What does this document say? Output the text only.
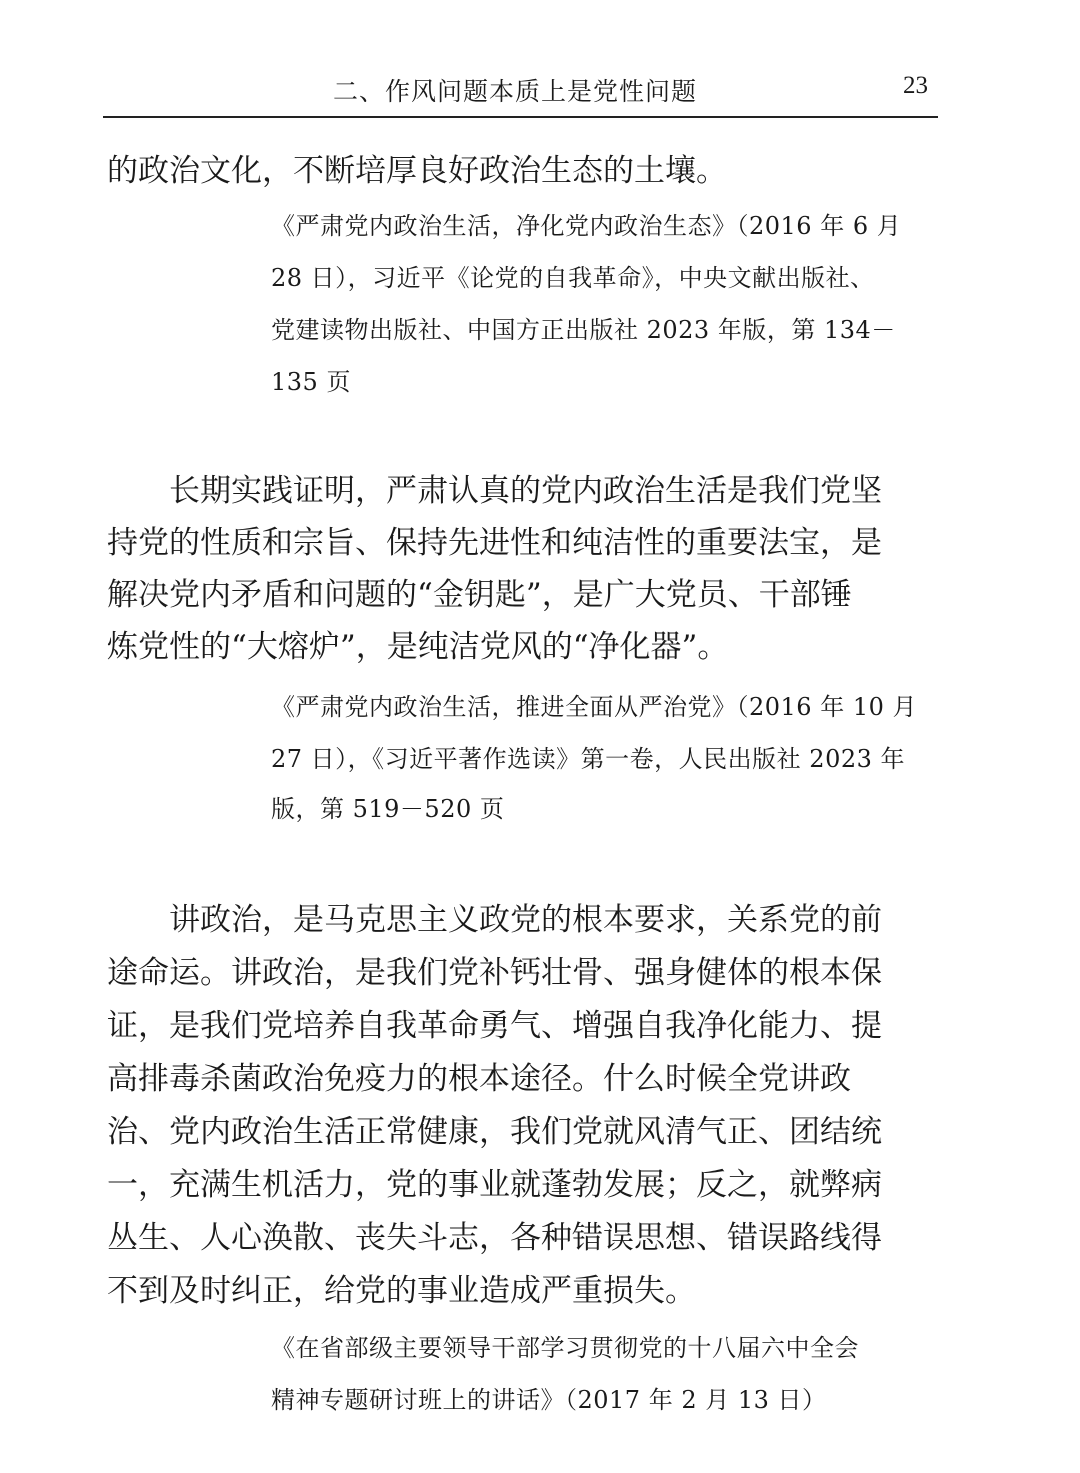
二、作风问题本质上是党性问题	23
的政治文化，不断培厚良好政治生态的土壤。
《严肃党内政治生活，净化党内政治生态》（2016 年 6 月
28 日），习近平《论党的自我革命》，中央文献出版社、
党建读物出版社、中国方正出版社 2023 年版，第 134－
135 页
　　长期实践证明，严肃认真的党内政治生活是我们党坚
持党的性质和宗旨、保持先进性和纯洁性的重要法宝，是
解决党内矛盾和问题的“金钥匙”，是广大党员、干部锤
炼党性的“大熔炉”，是纯洁党风的“净化器”。
《严肃党内政治生活，推进全面从严治党》（2016 年 10 月
27 日），《习近平著作选读》第一卷，人民出版社 2023 年
版，第 519－520 页
　　讲政治，是马克思主义政党的根本要求，关系党的前
途命运。讲政治，是我们党补钙壮骨、强身健体的根本保
证，是我们党培养自我革命勇气、增强自我净化能力、提
高排毒杀菌政治免疫力的根本途径。什么时候全党讲政
治、党内政治生活正常健康，我们党就风清气正、团结统
一，充满生机活力，党的事业就蓬勃发展；反之，就弊病
丛生、人心涣散、丧失斗志，各种错误思想、错误路线得
不到及时纠正，给党的事业造成严重损失。
《在省部级主要领导干部学习贯彻党的十八届六中全会
精神专题研讨班上的讲话》（2017 年 2 月 13 日）
